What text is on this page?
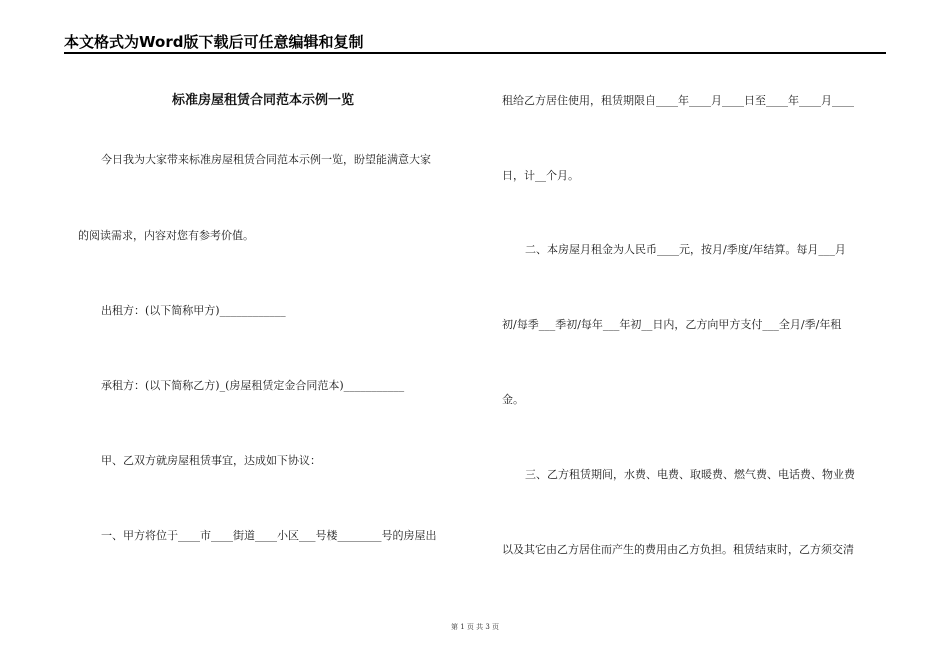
本文格式为Word版下载后可任意编辑和复制
标准房屋租赁合同范本示例一览
今日我为大家带来标准房屋租赁合同范本示例一览，盼望能满意大家
的阅读需求，内容对您有参考价值。
出租方：(以下简称甲方)____________
承租方：(以下简称乙方)_(房屋租赁定金合同范本)___________
甲、乙双方就房屋租赁事宜，达成如下协议：
一、甲方将位于____市____街道____小区___号楼________号的房屋出
租给乙方居住使用，租赁期限自____年____月____日至____年____月____
日，计__个月。
二、本房屋月租金为人民币____元，按月/季度/年结算。每月___月
初/每季___季初/每年___年初__日内，乙方向甲方支付___全月/季/年租
金。
三、乙方租赁期间，水费、电费、取暖费、燃气费、电话费、物业费
以及其它由乙方居住而产生的费用由乙方负担。租赁结束时，乙方须交清
第 1 页 共 3 页
